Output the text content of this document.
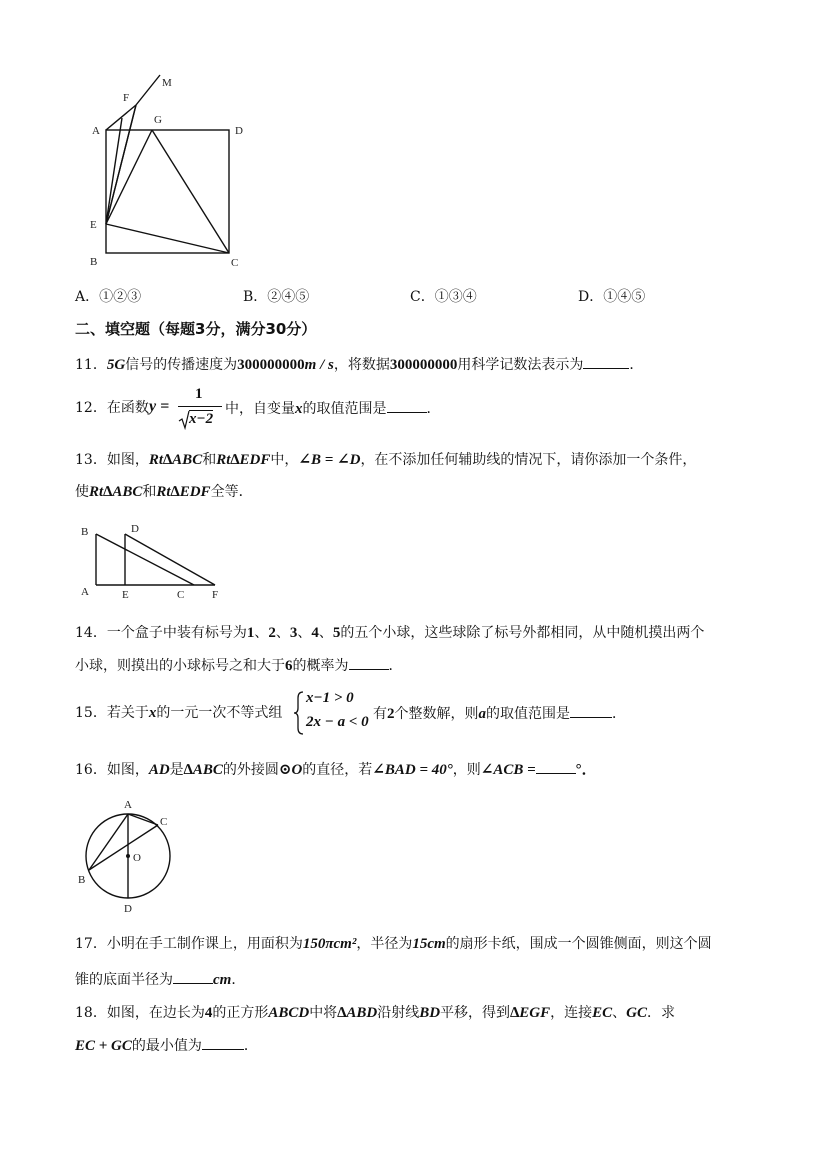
M
F
G
A	D
E
B	C
A．①②③	B．②④⑤	C．①③④	D．①④⑤
二、填空题（每题3分，满分30分）
11．5G信号的传播速度为300000000m / s，将数据300000000用科学记数法表示为	．
12．在函数 y =
1
x−2
中，自变量x的取值范围是	．
13．如图，Rt∆ABC和Rt∆EDF中，∠B = ∠D，在不添加任何辅助线的情况下，请你添加一个条件，
使Rt∆ABC和Rt∆EDF全等．
B	D
A	E	C	F
14．一个盒子中装有标号为1、2、3、4、5的五个小球，这些球除了标号外都相同，从中随机摸出两个
小球，则摸出的小球标号之和大于6的概率为	．
15．若关于x的一元一次不等式组
x−1 > 0
2x − a < 0 有2个整数解，则a的取值范围是	．
16．如图，AD是∆ABC的外接圆⊙O的直径，若∠BAD = 40°，则∠ACB =	°．
A
C
O
B
D
17．小明在手工制作课上，用面积为150πcm²，半径为15cm的扇形卡纸，围成一个圆锥侧面，则这个圆
锥的底面半径为	cm．
18．如图，在边长为4的正方形ABCD中将∆ABD沿射线BD平移，得到∆EGF，连接EC、GC．求
EC + GC的最小值为	．
